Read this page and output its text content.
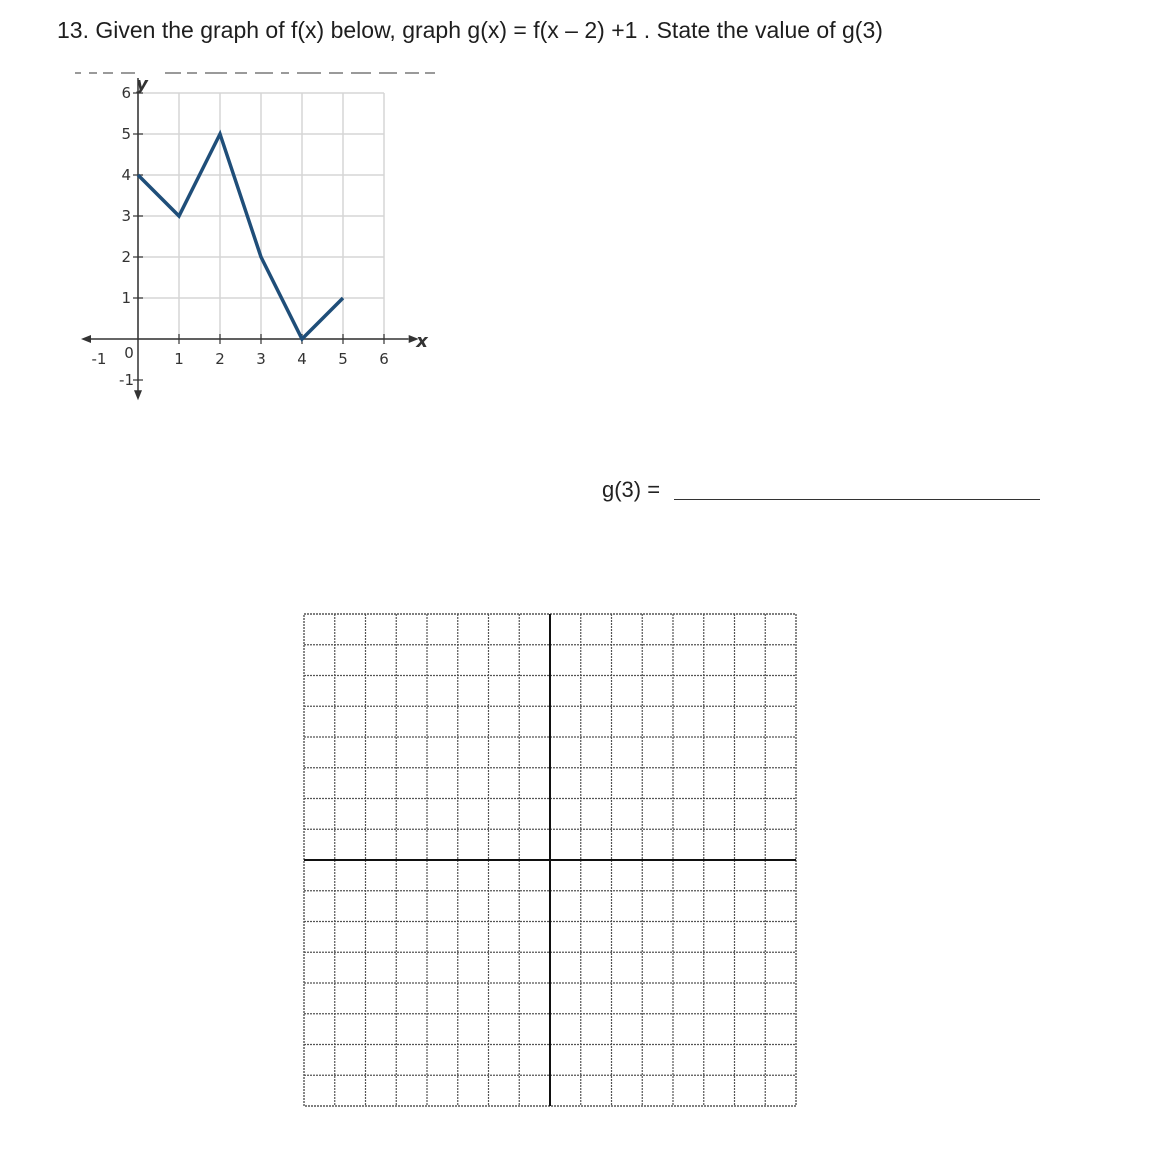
13. Given the graph of f(x) below, graph g(x) = f(x – 2) +1 . State the value of g(3)
-1 0	1 2 3 4 5 6
6
5
4
3
2
1
-1
y
x
g(3) =
